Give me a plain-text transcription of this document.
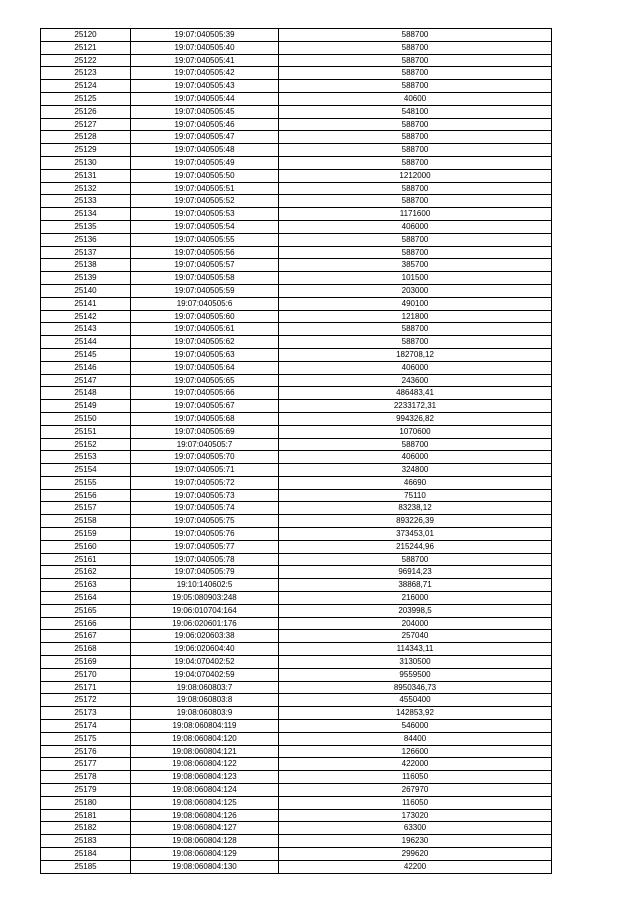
25120	19:07:040505:39	588700
25121	19:07:040505:40	588700
25122	19:07:040505:41	588700
25123	19:07:040505:42	588700
25124	19:07:040505:43	588700
25125	19:07:040505:44	40600
25126	19:07:040505:45	548100
25127	19:07:040505:46	588700
25128	19:07:040505:47	588700
25129	19:07:040505:48	588700
25130	19:07:040505:49	588700
25131	19:07:040505:50	1212000
25132	19:07:040505:51	588700
25133	19:07:040505:52	588700
25134	19:07:040505:53	1171600
25135	19:07:040505:54	406000
25136	19:07:040505:55	588700
25137	19:07:040505:56	588700
25138	19:07:040505:57	385700
25139	19:07:040505:58	101500
25140	19:07:040505:59	203000
25141	19:07:040505:6	490100
25142	19:07:040505:60	121800
25143	19:07:040505:61	588700
25144	19:07:040505:62	588700
25145	19:07:040505:63	182708,12
25146	19:07:040505:64	406000
25147	19:07:040505:65	243600
25148	19:07:040505:66	486483,41
25149	19:07:040505:67	2233172,31
25150	19:07:040505:68	994326,82
25151	19:07:040505:69	1070600
25152	19:07:040505:7	588700
25153	19:07:040505:70	406000
25154	19:07:040505:71	324800
25155	19:07:040505:72	46690
25156	19:07:040505:73	75110
25157	19:07:040505:74	83238,12
25158	19:07:040505:75	893226,39
25159	19:07:040505:76	373453,01
25160	19:07:040505:77	215244,96
25161	19:07:040505:78	588700
25162	19:07:040505:79	96914,23
25163	19:10:140602:5	38868,71
25164	19:05:080903:248	216000
25165	19:06:010704:164	203998,5
25166	19:06:020601:176	204000
25167	19:06:020603:38	257040
25168	19:06:020604:40	114343,11
25169	19:04:070402:52	3130500
25170	19:04:070402:59	9559500
25171	19:08:060803:7	8950346,73
25172	19:08:060803:8	4550400
25173	19:08:060803:9	142853,92
25174	19:08:060804:119	546000
25175	19:08:060804:120	84400
25176	19:08:060804:121	126600
25177	19:08:060804:122	422000
25178	19:08:060804:123	116050
25179	19:08:060804:124	267970
25180	19:08:060804:125	116050
25181	19:08:060804:126	173020
25182	19:08:060804:127	63300
25183	19:08:060804:128	196230
25184	19:08:060804:129	299620
25185	19:08:060804:130	42200
